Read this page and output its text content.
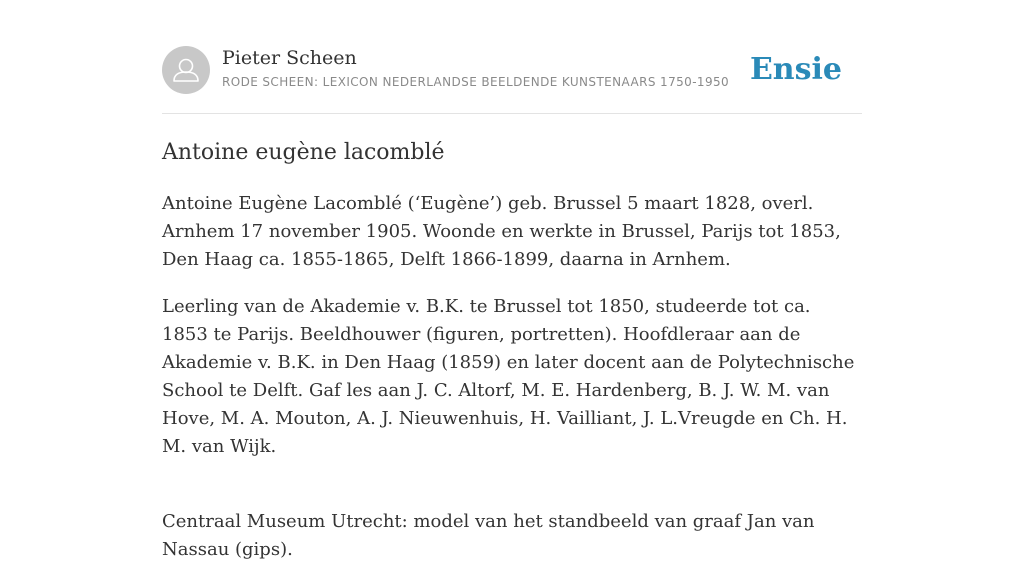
Pieter Scheen
RODE SCHEEN: LEXICON NEDERLANDSE BEELDENDE KUNSTENAARS 1750-1950 Ensie
Antoine eugène lacomblé

Antoine Eugène Lacomblé (‘Eugène’) geb. Brussel 5 maart 1828, overl. Arnhem 17 november 1905. Woonde en werkte in Brussel, Parijs tot 1853, Den Haag ca. 1855-1865, Delft 1866-1899, daarna in Arnhem.

Leerling van de Akademie v. B.K. te Brussel tot 1850, studeerde tot ca. 1853 te Parijs. Beeldhouwer (figuren, portretten). Hoofdleraar aan de Akademie v. B.K. in Den Haag (1859) en later docent aan de Polytechnische School te Delft. Gaf les aan J. C. Altorf, M. E. Hardenberg, B. J. W. M. van Hove, M. A. Mouton, A. J. Nieuwenhuis, H. Vailliant, J. L.Vreugde en Ch. H. M. van Wijk.

Centraal Museum Utrecht: model van het standbeeld van graaf Jan van Nassau (gips).
